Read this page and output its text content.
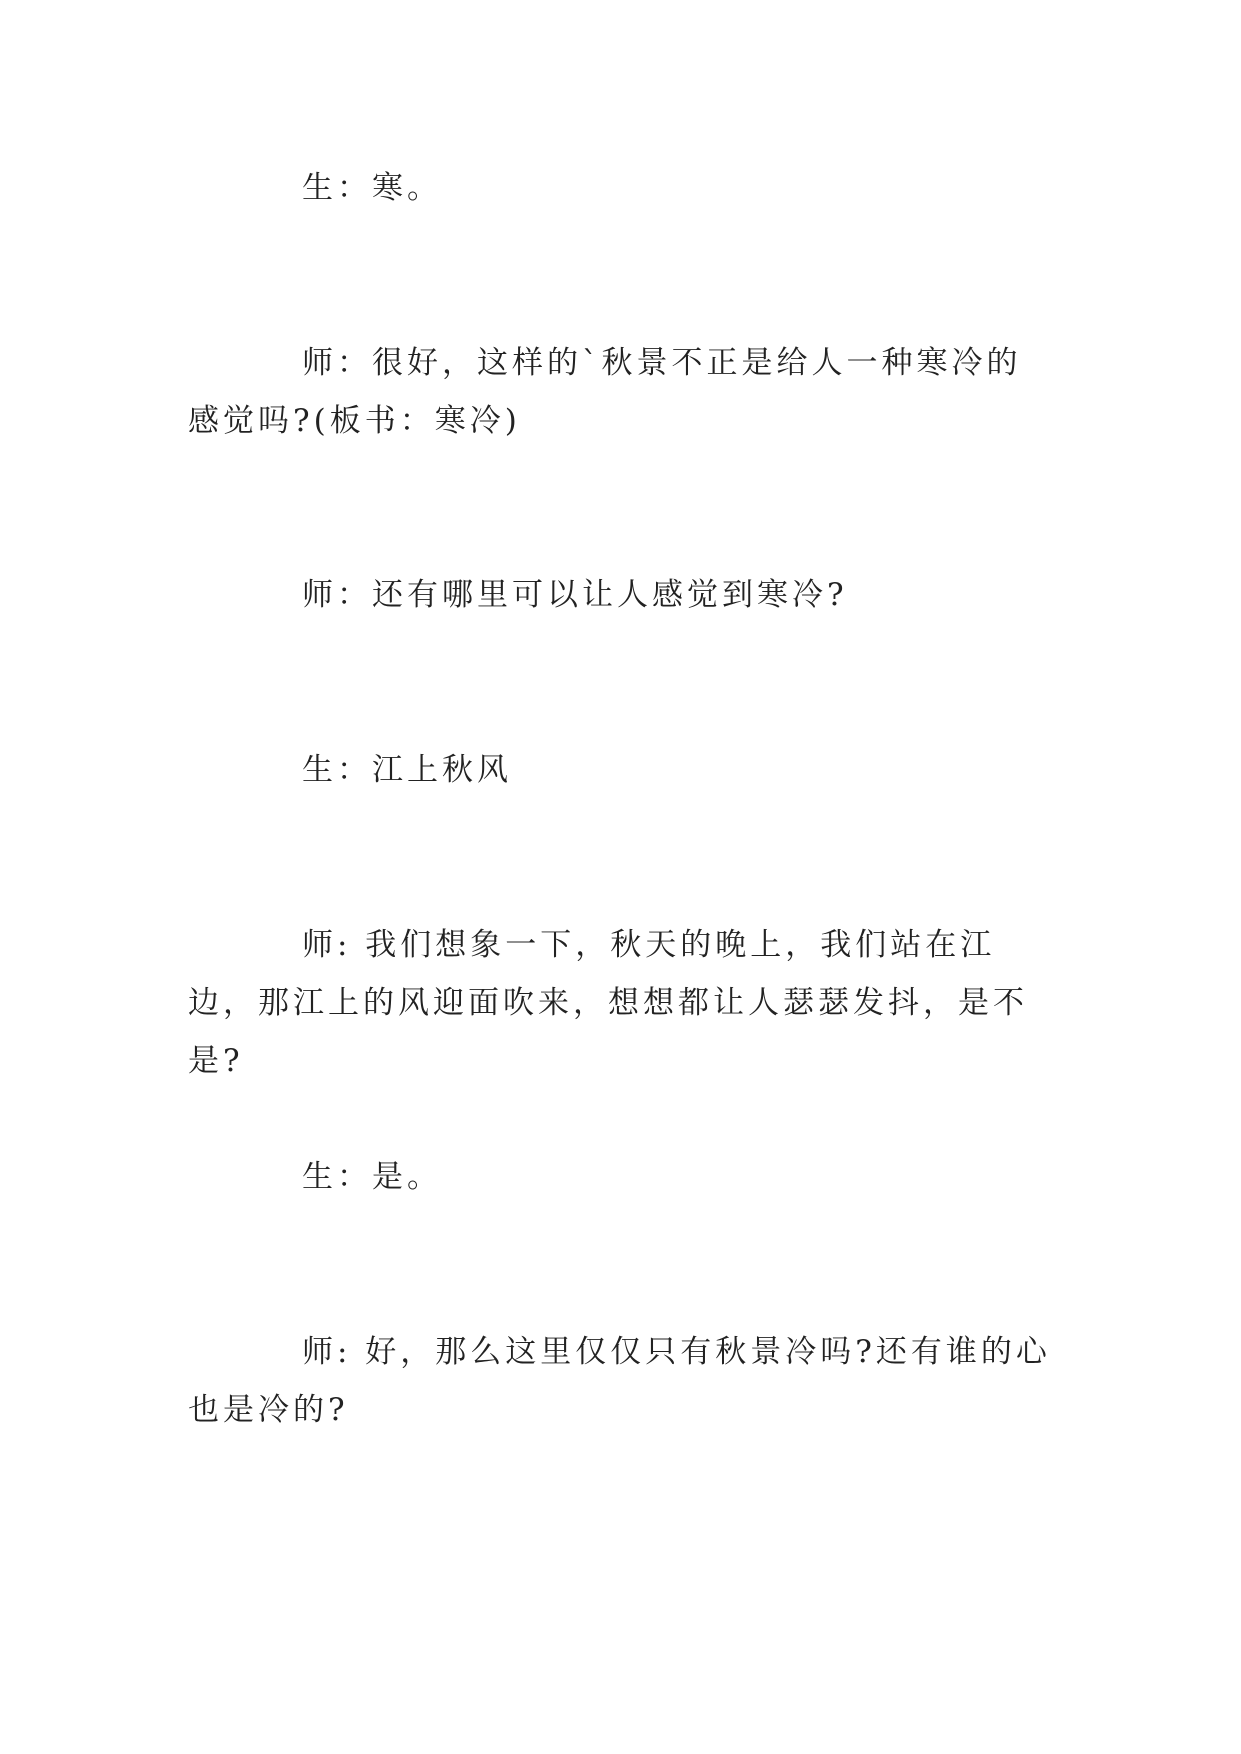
生：寒。

师：很好，这样的`秋景不正是给人一种寒冷的感觉吗?(板书：寒冷)

师：还有哪里可以让人感觉到寒冷?

生：江上秋风

师: 我们想象一下，秋天的晚上，我们站在江边，那江上的风迎面吹来，想想都让人瑟瑟发抖，是不是?

生：是。

师: 好，那么这里仅仅只有秋景冷吗?还有谁的心也是冷的?
